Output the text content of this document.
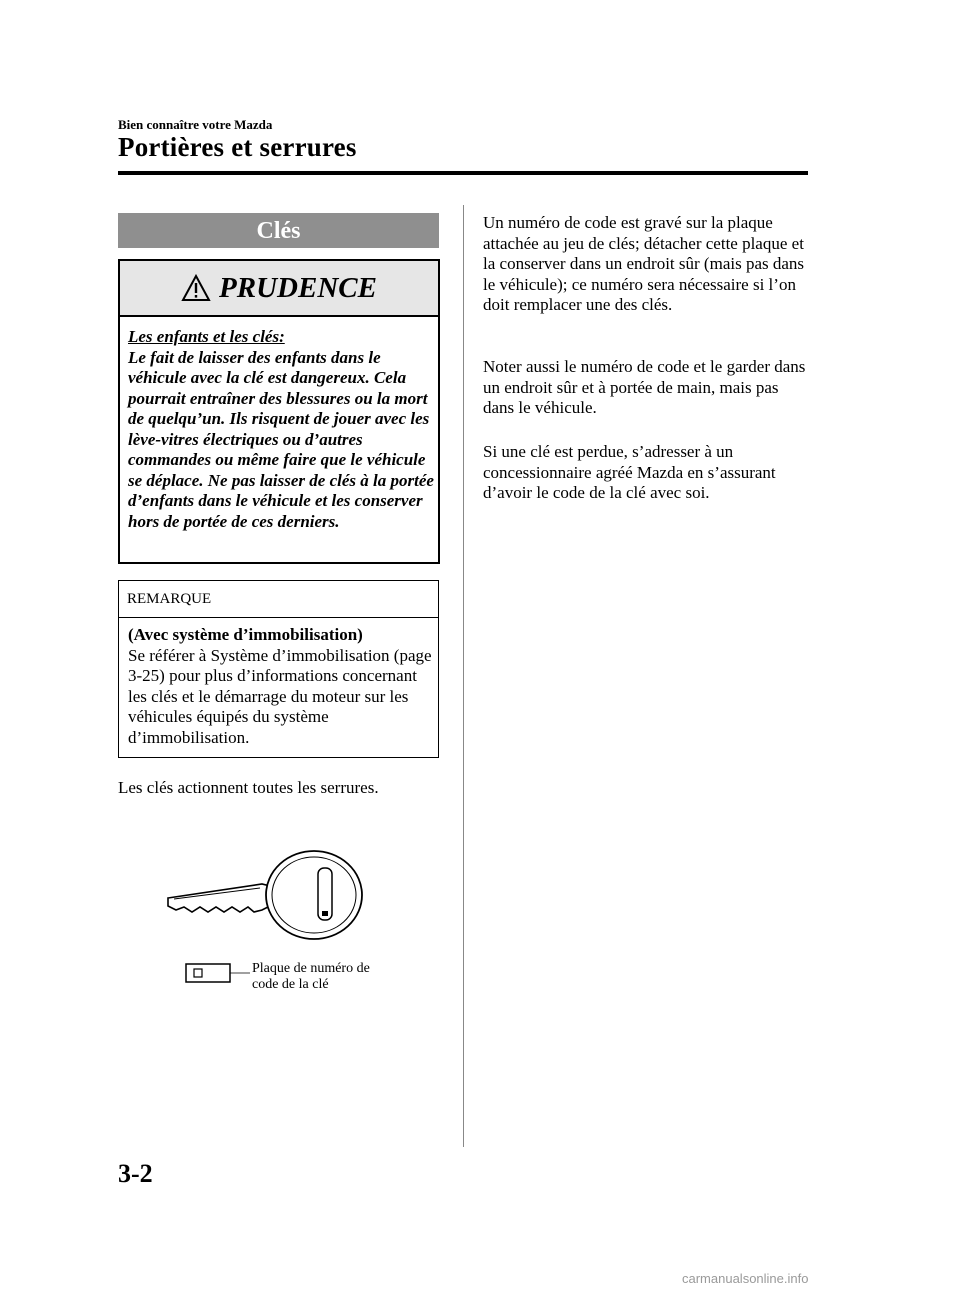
Bien connaître votre Mazda
Portières et serrures
Clés
PRUDENCE
Les enfants et les clés:
Le fait de laisser des enfants dans le véhicule avec la clé est dangereux. Cela pourrait entraîner des blessures ou la mort de quelqu’un. Ils risquent de jouer avec les lève-vitres électriques ou d’autres commandes ou même faire que le véhicule se déplace. Ne pas laisser de clés à la portée d’enfants dans le véhicule et les conserver hors de portée de ces derniers.
REMARQUE
(Avec système d’immobilisation)
Se référer à Système d’immobilisation (page 3-25) pour plus d’informations concernant les clés et le démarrage du moteur sur les véhicules équipés du système d’immobilisation.
Les clés actionnent toutes les serrures.
Plaque de numéro de
code de la clé
Un numéro de code est gravé sur la plaque attachée au jeu de clés; détacher cette plaque et la conserver dans un endroit sûr (mais pas dans le véhicule); ce numéro sera nécessaire si l’on doit remplacer une des clés.
Noter aussi le numéro de code et le garder dans un endroit sûr et à portée de main, mais pas dans le véhicule.
Si une clé est perdue, s’adresser à un concessionnaire agréé Mazda en s’assurant d’avoir le code de la clé avec soi.
3-2
carmanualsonline.info
